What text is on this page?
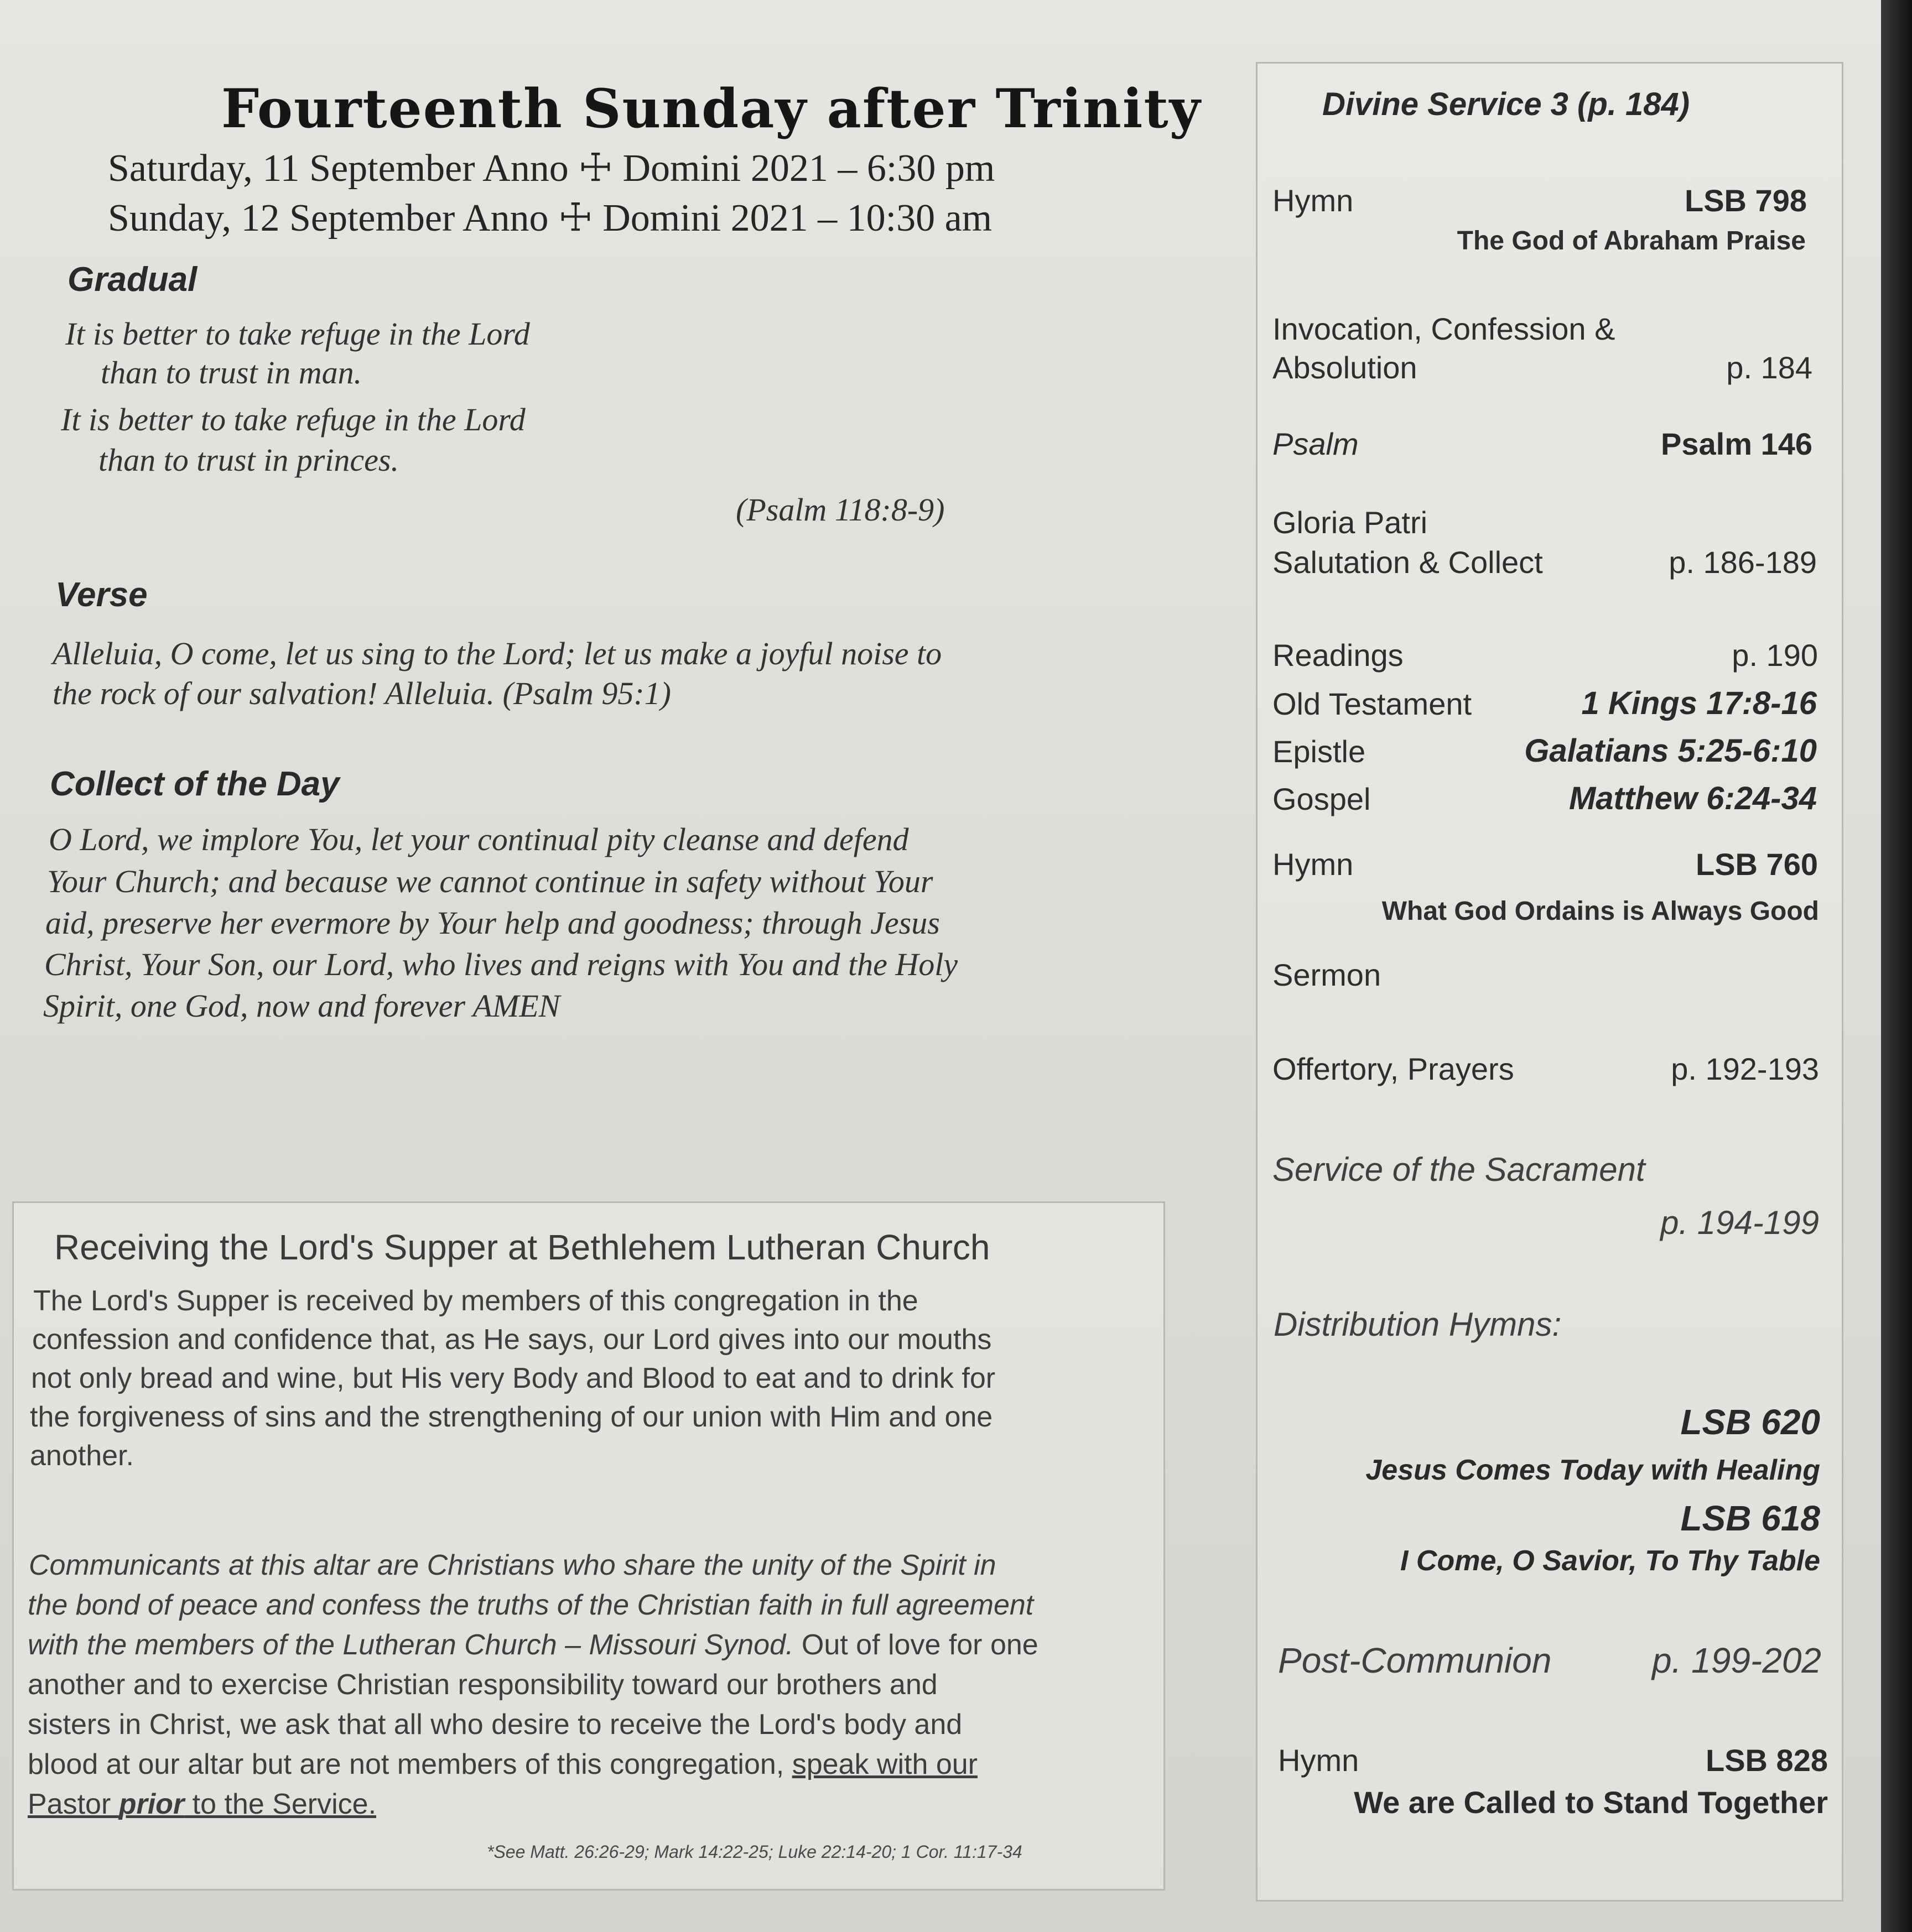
Fourteenth Sunday after Trinity
Saturday, 11 September Anno ☩ Domini 2021 – 6:30 pm
Sunday, 12 September Anno ☩ Domini 2021 – 10:30 am
Gradual
It is better to take refuge in the Lord
than to trust in man.
It is better to take refuge in the Lord
than to trust in princes.
(Psalm 118:8-9)
Verse
Alleluia, O come, let us sing to the Lord; let us make a joyful noise to
the rock of our salvation! Alleluia. (Psalm 95:1)
Collect of the Day
O Lord, we implore You, let your continual pity cleanse and defend
Your Church; and because we cannot continue in safety without Your
aid, preserve her evermore by Your help and goodness; through Jesus
Christ, Your Son, our Lord, who lives and reigns with You and the Holy
Spirit, one God, now and forever AMEN
Receiving the Lord's Supper at Bethlehem Lutheran Church
The Lord's Supper is received by members of this congregation in the
confession and confidence that, as He says, our Lord gives into our mouths
not only bread and wine, but His very Body and Blood to eat and to drink for
the forgiveness of sins and the strengthening of our union with Him and one
another.
Communicants at this altar are Christians who share the unity of the Spirit in
the bond of peace and confess the truths of the Christian faith in full agreement
with the members of the Lutheran Church – Missouri Synod. Out of love for one
another and to exercise Christian responsibility toward our brothers and
sisters in Christ, we ask that all who desire to receive the Lord's body and
blood at our altar but are not members of this congregation, speak with our
Pastor prior to the Service.
*See Matt. 26:26-29; Mark 14:22-25; Luke 22:14-20; 1 Cor. 11:17-34
Divine Service 3 (p. 184)
Hymn	LSB 798
The God of Abraham Praise
Invocation, Confession &
Absolution	p. 184
Psalm	Psalm 146
Gloria Patri
Salutation & Collect	p. 186-189
Readings	p. 190
Old Testament	1 Kings 17:8-16
Epistle	Galatians 5:25-6:10
Gospel	Matthew 6:24-34
Hymn	LSB 760
What God Ordains is Always Good
Sermon
Offertory, Prayers	p. 192-193
Service of the Sacrament
p. 194-199
Distribution Hymns:
LSB 620
Jesus Comes Today with Healing
LSB 618
I Come, O Savior, To Thy Table
Post-Communion	p. 199-202
Hymn	LSB 828
We are Called to Stand Together
